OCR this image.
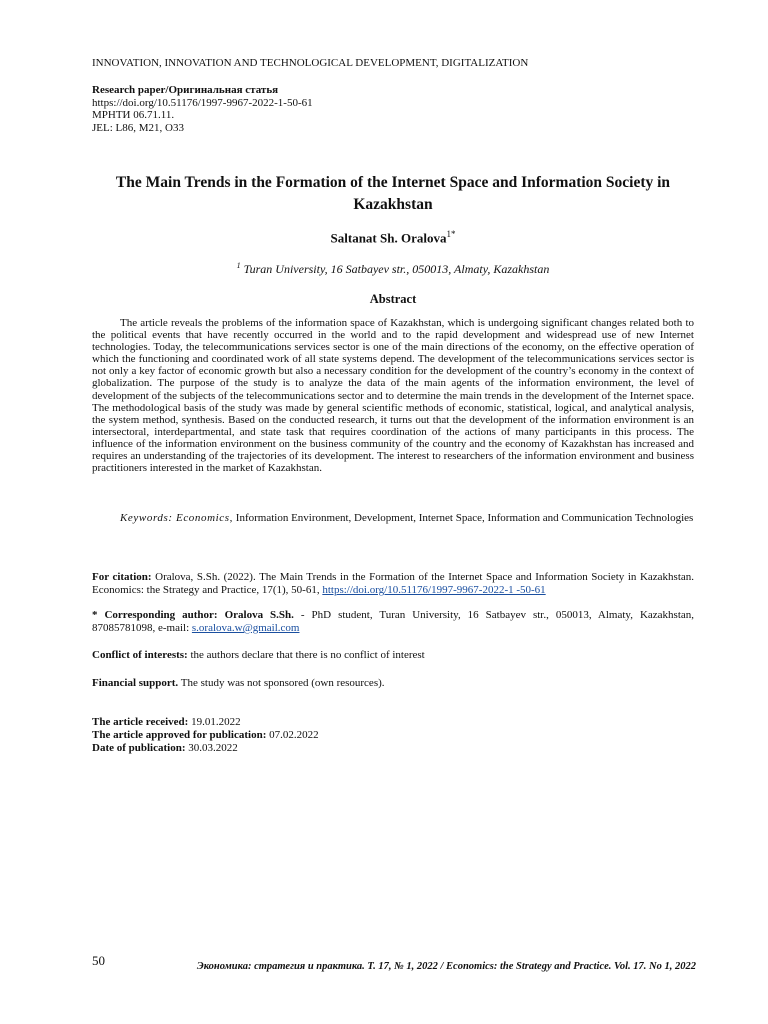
INNOVATION, INNOVATION AND TECHNOLOGICAL DEVELOPMENT, DIGITALIZATION
Research paper/Оригинальная статья
https://doi.org/10.51176/1997-9967-2022-1-50-61
МРНТИ 06.71.11.
JEL: L86, M21, O33
The Main Trends in the Formation of the Internet Space and Information Society in Kazakhstan
Saltanat Sh. Oralova$^{1*}$
$^1$ Turan University, 16 Satbayev str., 050013, Almaty, Kazakhstan
Abstract

The article reveals the problems of the information space of Kazakhstan, which is undergoing significant changes related both to the political events that have recently occurred in the world and to the rapid development and widespread use of new Internet technologies. Today, the telecommunications services sector is one of the main directions of the economy, on the effective operation of which the functioning and coordinated work of all state systems depend. The development of the telecommunications services sector is not only a key factor of economic growth but also a necessary condition for the development of the country’s economy in the context of globalization. The purpose of the study is to analyze the data of the main agents of the information environment, the level of development of the subjects of the telecommunications sector and to determine the main trends in the development of the Internet space. The methodological basis of the study was made by general scientific methods of economic, statistical, logical, and analytical analysis, the system method, synthesis. Based on the conducted research, it turns out that the development of the information environment is an intersectoral, interdepartmental, and state task that requires coordination of the actions of many participants in this process. The influence of the information environment on the business community of the country and the economy of Kazakhstan has increased and requires an understanding of the trajectories of its development. The interest to researchers of the information environment and business practitioners interested in the market of Kazakhstan.

Keywords: Economics, Information Environment, Development, Internet Space, Information and Communication Technologies

For citation: Oralova, S.Sh. (2022). The Main Trends in the Formation of the Internet Space and Information Society in Kazakhstan. Economics: the Strategy and Practice, 17(1), 50-61, https://doi.org/10.51176/1997-9967-2022-1 -50-61

* Corresponding author: Oralova S.Sh. - PhD student, Turan University, 16 Satbayev str., 050013, Almaty, Kazakhstan, 87085781098, e-mail: s.oralova.w@gmail.com

Conflict of interests: the authors declare that there is no conflict of interest

Financial support. The study was not sponsored (own resources).

The article received: 19.01.2022
The article approved for publication: 07.02.2022
Date of publication: 30.03.2022
50	Экономика: стратегия и практика. Т. 17, № 1, 2022 / Economics: the Strategy and Practice. Vol. 17. No 1, 2022
